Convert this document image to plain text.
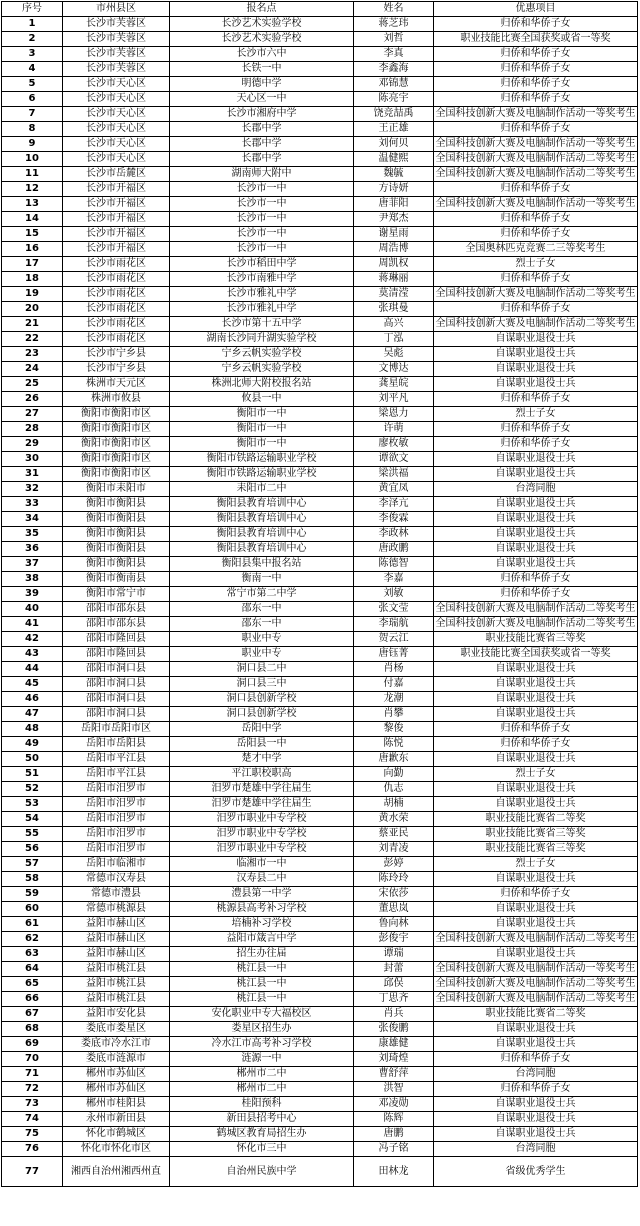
序号	市州县区	报名点	姓名	优惠项目
1	长沙市芙蓉区	长沙艺术实验学校	蒋芝玮	归侨和华侨子女
2	长沙市芙蓉区	长沙艺术实验学校	刘哲	职业技能比赛全国获奖或省一等奖
3	长沙市芙蓉区	长沙市六中	李真	归侨和华侨子女
4	长沙市芙蓉区	长铁一中	李鑫海	归侨和华侨子女
5	长沙市天心区	明德中学	邓锦慧	归侨和华侨子女
6	长沙市天心区	天心区一中	陈亮宇	归侨和华侨子女
7	长沙市天心区	长沙市湘府中学	饶竞喆禹	全国科技创新大赛及电脑制作活动一等奖考生
8	长沙市天心区	长郡中学	王正雄	归侨和华侨子女
9	长沙市天心区	长郡中学	刘何贝	全国科技创新大赛及电脑制作活动一等奖考生
10	长沙市天心区	长郡中学	温健熙	全国科技创新大赛及电脑制作活动二等奖考生
11	长沙市岳麓区	湖南师大附中	魏毓	全国科技创新大赛及电脑制作活动二等奖考生
12	长沙市开福区	长沙市一中	方诗妍	归侨和华侨子女
13	长沙市开福区	长沙市一中	唐菲阳	全国科技创新大赛及电脑制作活动一等奖考生
14	长沙市开福区	长沙市一中	尹郑杰	归侨和华侨子女
15	长沙市开福区	长沙市一中	谢星雨	归侨和华侨子女
16	长沙市开福区	长沙市一中	周浩博	全国奥林匹克竞赛二三等奖考生
17	长沙市雨花区	长沙市稻田中学	周凯权	烈士子女
18	长沙市雨花区	长沙市南雅中学	蒋琳丽	归侨和华侨子女
19	长沙市雨花区	长沙市雅礼中学	莫清滢	全国科技创新大赛及电脑制作活动二等奖考生
20	长沙市雨花区	长沙市雅礼中学	张琪曼	归侨和华侨子女
21	长沙市雨花区	长沙市第十五中学	高兴	全国科技创新大赛及电脑制作活动二等奖考生
22	长沙市雨花区	湖南长沙同升湖实验学校	丁泓	自谋职业退役士兵
23	长沙市宁乡县	宁乡云帆实验学校	吴彪	自谋职业退役士兵
24	长沙市宁乡县	宁乡云帆实验学校	文博达	自谋职业退役士兵
25	株洲市天元区	株洲北师大附校报名站	龚星皖	自谋职业退役士兵
26	株洲市攸县	攸县一中	刘平凡	归侨和华侨子女
27	衡阳市衡阳市区	衡阳市一中	梁恩力	烈士子女
28	衡阳市衡阳市区	衡阳市一中	许萌	归侨和华侨子女
29	衡阳市衡阳市区	衡阳市一中	廖枚敏	归侨和华侨子女
30	衡阳市衡阳市区	衡阳市铁路运输职业学校	谭欲文	自谋职业退役士兵
31	衡阳市衡阳市区	衡阳市铁路运输职业学校	梁洪福	自谋职业退役士兵
32	衡阳市耒阳市	耒阳市二中	黄宜凤	台湾同胞
33	衡阳市衡阳县	衡阳县教育培训中心	李泽亢	自谋职业退役士兵
34	衡阳市衡阳县	衡阳县教育培训中心	李俊霖	自谋职业退役士兵
35	衡阳市衡阳县	衡阳县教育培训中心	李政林	自谋职业退役士兵
36	衡阳市衡阳县	衡阳县教育培训中心	唐政鹏	自谋职业退役士兵
37	衡阳市衡阳县	衡阳县集中报名站	陈德智	自谋职业退役士兵
38	衡阳市衡南县	衡南一中	李嘉	归侨和华侨子女
39	衡阳市常宁市	常宁市第二中学	刘敏	归侨和华侨子女
40	邵阳市邵东县	邵东一中	张文莹	全国科技创新大赛及电脑制作活动二等奖考生
41	邵阳市邵东县	邵东一中	李瑞航	全国科技创新大赛及电脑制作活动二等奖考生
42	邵阳市隆回县	职业中专	贺云江	职业技能比赛省三等奖
43	邵阳市隆回县	职业中专	唐钰菁	职业技能比赛全国获奖或省一等奖
44	邵阳市洞口县	洞口县二中	肖杨	自谋职业退役士兵
45	邵阳市洞口县	洞口县三中	付嘉	自谋职业退役士兵
46	邵阳市洞口县	洞口县创新学校	龙潮	自谋职业退役士兵
47	邵阳市洞口县	洞口县创新学校	肖攀	自谋职业退役士兵
48	岳阳市岳阳市区	岳阳中学	黎俊	归侨和华侨子女
49	岳阳市岳阳县	岳阳县一中	陈悦	归侨和华侨子女
50	岳阳市平江县	楚才中学	唐歉东	自谋职业退役士兵
51	岳阳市平江县	平江职校职高	向勤	烈士子女
52	岳阳市汨罗市	汨罗市楚雄中学往届生	仇志	自谋职业退役士兵
53	岳阳市汨罗市	汨罗市楚雄中学往届生	胡楠	自谋职业退役士兵
54	岳阳市汨罗市	汨罗市职业中专学校	黄水荣	职业技能比赛省二等奖
55	岳阳市汨罗市	汨罗市职业中专学校	蔡亚民	职业技能比赛省三等奖
56	岳阳市汨罗市	汨罗市职业中专学校	刘青凌	职业技能比赛省三等奖
57	岳阳市临湘市	临湘市一中	彭婷	烈士子女
58	常德市汉寿县	汉寿县二中	陈玲玲	自谋职业退役士兵
59	常德市澧县	澧县第一中学	宋依莎	归侨和华侨子女
60	常德市桃源县	桃源县高考补习学校	董思岚	自谋职业退役士兵
61	益阳市赫山区	培楠补习学校	鲁向林	自谋职业退役士兵
62	益阳市赫山区	益阳市箴言中学	彭俊宇	全国科技创新大赛及电脑制作活动二等奖考生
63	益阳市赫山区	招生办往届	谭瑞	自谋职业退役士兵
64	益阳市桃江县	桃江县一中	封蕾	全国科技创新大赛及电脑制作活动一等奖考生
65	益阳市桃江县	桃江县一中	邱俣	全国科技创新大赛及电脑制作活动二等奖考生
66	益阳市桃江县	桃江县一中	丁思齐	全国科技创新大赛及电脑制作活动二等奖考生
67	益阳市安化县	安化职业中专大福校区	肖兵	职业技能比赛省二等奖
68	娄底市娄星区	娄星区招生办	张俊鹏	自谋职业退役士兵
69	娄底市冷水江市	冷水江市高考补习学校	康雄健	自谋职业退役士兵
70	娄底市涟源市	涟源一中	刘琦煌	归侨和华侨子女
71	郴州市苏仙区	郴州市二中	曹舒萍	台湾同胞
72	郴州市苏仙区	郴州市二中	洪智	归侨和华侨子女
73	郴州市桂阳县	桂阳预科	邓凌勋	自谋职业退役士兵
74	永州市新田县	新田县招考中心	陈辉	自谋职业退役士兵
75	怀化市鹤城区	鹤城区教育局招生办	唐鹏	自谋职业退役士兵
76	怀化市怀化市区	怀化市三中	冯子铭	台湾同胞
77	湘西自治州湘西州直	自治州民族中学	田林龙	省级优秀学生
